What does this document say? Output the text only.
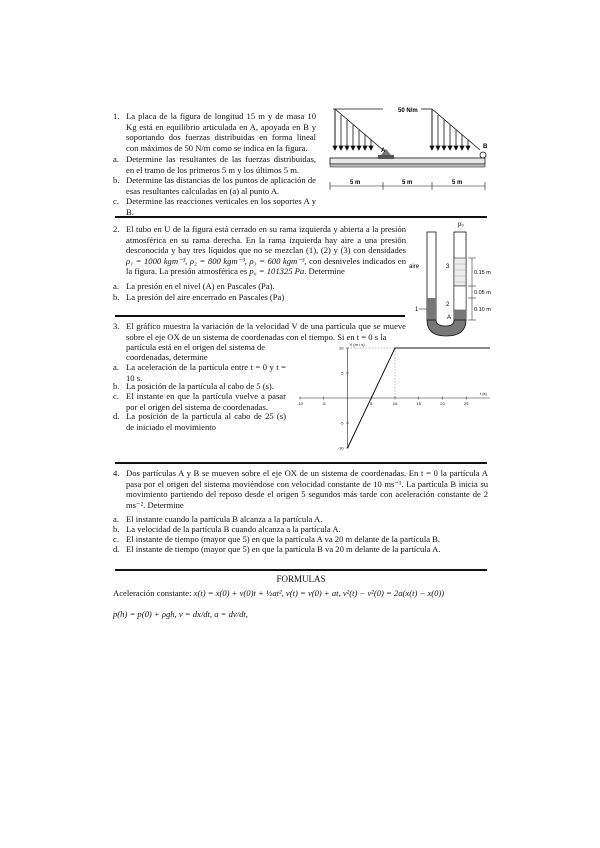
1. La placa de la figura de longitud 15 m y de masa 10 Kg está en equilibrio articulada en A, apoyada en B y soportando dos fuerzas distribuidas en forma lineal con máximos de 50 N/m como se indica en la figura.
a. Determine las resultantes de las fuerzas distribuidas, en el tramo de los primeros 5 m y los últimos 5 m.
b. Determine las distancias de los puntos de aplicación de esas resultantes calculadas en (a) al punto A.
c. Determine las reacciones verticales en los soportes A y B.
50 N/m
A
B
5 m	5 m	5 m
2. El tubo en U de la figura está cerrado en su rama izquierda y abierta a la presión atmosférica en su rama derecha. En la rama izquierda hay aire a una presión desconocida y hay tres líquidos que no se mezclan (1), (2) y (3) con densidades ρ₁ = 1000 kgm⁻³, ρ₂ = 800 kgm⁻³, ρ₃ = 600 kgm⁻³, con desniveles indicados en la figura. La presión atmosférica es p₀ = 101325 Pa. Determine
a. La presión en el nivel (A) en Pascales (Pa).
b. La presión del aire encerrado en Pascales (Pa)
p₀
aire	3
2
1
A
0.15 m
0.05 m
0.10 m
3. El gráfico muestra la variación de la velocidad V de una partícula que se mueve sobre el eje OX de un sistema de coordenadas con el tiempo. Si en t = 0 s la
partícula está en el origen del sistema de
coordenadas, determine
a. La aceleración de la partícula entre t = 0 y t = 10 s.
b. La posición de la partícula al cabo de 5 (s).
c. El instante en que la partícula vuelve a pasar por el origen del sistema de coordenadas.
d. La posición de la partícula al cabo de 25 (s) de iniciado el movimiento
V (m / s)
t (s)
-10	-5	5	10	15	20	25
-10
-5
5
10
4. Dos partículas A y B se mueven sobre el eje OX de un sistema de coordenadas. En t = 0 la partícula A pasa por el origen del sistema moviéndose con velocidad constante de 10 ms⁻¹. La partícula B inicia su movimiento partiendo del reposo desde el origen 5 segundos más tarde con aceleración constante de 2 ms⁻². Determine
a. El instante cuando la partícula B alcanza a la partícula A.
b. La velocidad de la partícula B cuando alcanza a la partícula A.
c. El instante de tiempo (mayor que 5) en que la partícula A va 20 m delante de la partícula B.
d. El instante de tiempo (mayor que 5) en que la partícula B va 20 m delante de la partícula A.
FORMULAS
Aceleración constante: x(t) = x(0) + v(0)t + ½at², v(t) = v(0) + at, v²(t) − v²(0) = 2a(x(t) − x(0))
p(h) = p(0) + ρgh, v = dx/dt, a = dv/dt,
